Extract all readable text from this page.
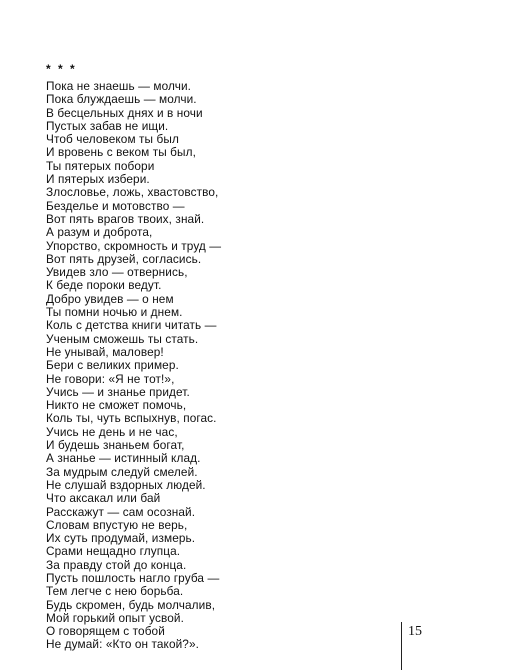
* * *
Пока не знаешь — молчи.
Пока блуждаешь — молчи.
В бесцельных днях и в ночи
Пустых забав не ищи.
Чтоб человеком ты был
И вровень с веком ты был,
Ты пятерых побори
И пятерых избери.
Злословье, ложь, хвастовство,
Безделье и мотовство —
Вот пять врагов твоих, знай.
А разум и доброта,
Упорство, скромность и труд —
Вот пять друзей, согласись.
Увидев зло — отвернись,
К беде пороки ведут.
Добро увидев — о нем
Ты помни ночью и днем.
Коль с детства книги читать —
Ученым сможешь ты стать.
Не унывай, маловер!
Бери с великих пример.
Не говори: «Я не тот!»,
Учись — и знанье придет.
Никто не сможет помочь,
Коль ты, чуть вспыхнув, погас.
Учись не день и не час,
И будешь знаньем богат,
А знанье — истинный клад.
За мудрым следуй смелей.
Не слушай вздорных людей.
Что аксакал или бай
Расскажут — сам осознай.
Словам впустую не верь,
Их суть продумай, измерь.
Срами нещадно глупца.
За правду стой до конца.
Пусть пошлость нагло груба —
Тем легче с нею борьба.
Будь скромен, будь молчалив,
Мой горький опыт усвой.
О говорящем с тобой
Не думай: «Кто он такой?».
15
